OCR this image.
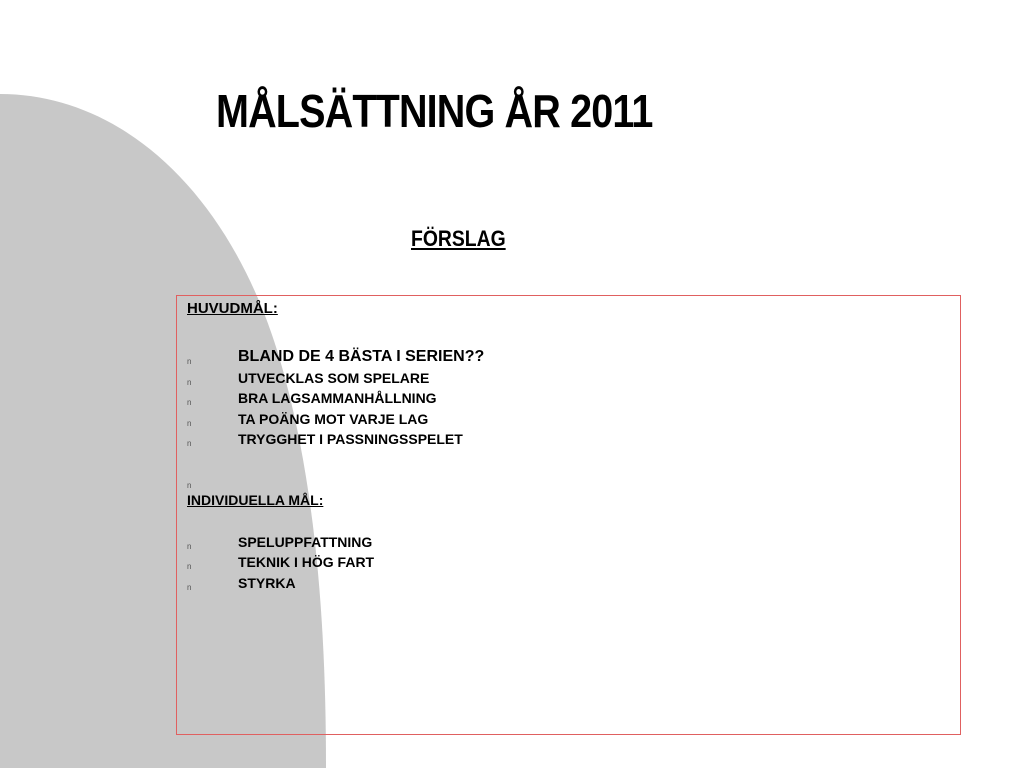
MÅLSÄTTNING ÅR 2011
FÖRSLAG
HUVUDMÅL:
n	BLAND DE 4 BÄSTA I SERIEN??
n	UTVECKLAS SOM SPELARE
n	BRA LAGSAMMANHÅLLNING
n	TA POÄNG MOT VARJE LAG
n	TRYGGHET I PASSNINGSSPELET
n
INDIVIDUELLA MÅL:
n	SPELUPPFATTNING
n	TEKNIK I HÖG FART
n	STYRKA
